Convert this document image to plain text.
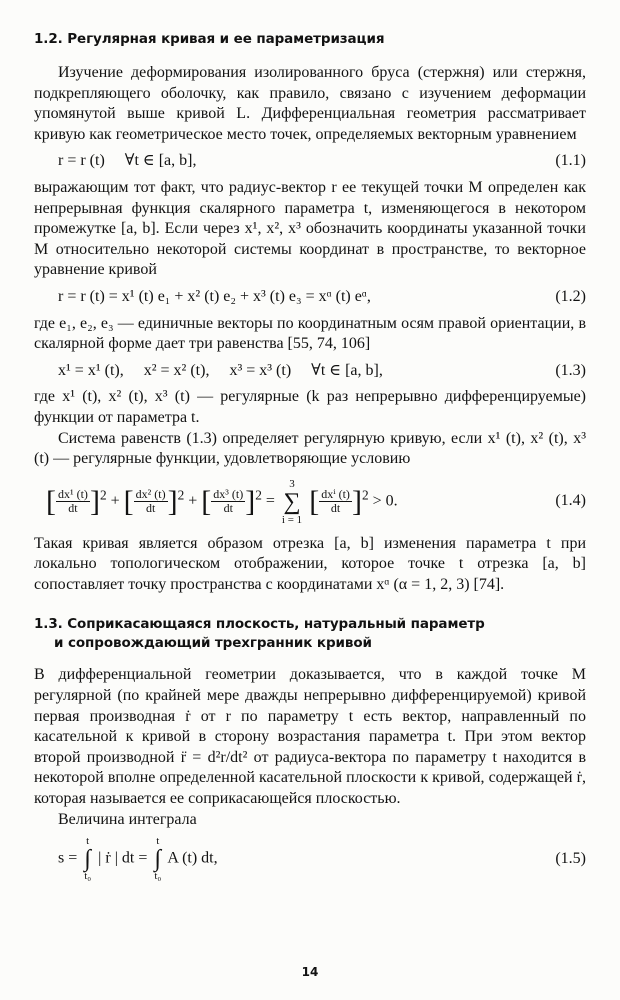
1.2. Регулярная кривая и ее параметризация

Изучение деформирования изолированного бруса (стержня) или стержня, подкрепляющего оболочку, как правило, связано с изучением деформации упомянутой выше кривой L. Дифференциальная геометрия рассматривает кривую как геометрическое место точек, определяемых векторным уравнением

r = r (t)     ∀t ∈ [a, b],	(1.1)

выражающим тот факт, что радиус-вектор r ее текущей точки M определен как непрерывная функция скалярного параметра t, изменяющегося в некотором промежутке [a, b]. Если через x¹, x², x³ обозначить координаты указанной точки M относительно некоторой системы координат в пространстве, то векторное уравнение кривой

r = r (t) = x¹ (t) e₁ + x² (t) e₂ + x³ (t) e₃ = xᵅ (t) eᵅ,	(1.2)

где e₁, e₂, e₃ — единичные векторы по координатным осям правой ориентации, в скалярной форме дает три равенства [55, 74, 106]

x¹ = x¹ (t),     x² = x² (t),     x³ = x³ (t)     ∀t ∈ [a, b],	(1.3)

где x¹ (t), x² (t), x³ (t) — регулярные (k раз непрерывно дифференцируемые) функции от параметра t.

Система равенств (1.3) определяет регулярную кривую, если x¹ (t), x² (t), x³ (t) — регулярные функции, удовлетворяющие условию

[ $\frac{\text{dx¹ (t)}}{dt} ]^2$ + [ $\frac{\text{dx² (t)}}{dt} ]^2$ + [ $\frac{\text{dx³ (t)}}{dt} ]^2$ =
3
∑
i = 1
[ $\frac{\text{dxⁱ (t)}}{dt} ]^2 > 0$.	(1.4)

Такая кривая является образом отрезка [a, b] изменения параметра t при локально топологическом отображении, которое точке t отрезка [a, b] сопоставляет точку пространства с координатами xᵅ (α = 1, 2, 3) [74].

1.3. Соприкасающаяся плоскость, натуральный параметр
и сопровождающий трехгранник кривой

В дифференциальной геометрии доказывается, что в каждой точке M регулярной (по крайней мере дважды непрерывно дифференцируемой) кривой первая производная ṙ от r по параметру t есть вектор, направленный по касательной к кривой в сторону возрастания параметра t. При этом вектор второй производной r̈ = d²r/dt² от радиуса-вектора по параметру t находится в некоторой вполне определенной касательной плоскости к кривой, содержащей ṙ, которая называется ее соприкасающейся плоскостью.

Величина интеграла

s =
t
∫
t₀
| ṙ | dt =
t
∫
t₀
A (t) dt,	(1.5)
14
